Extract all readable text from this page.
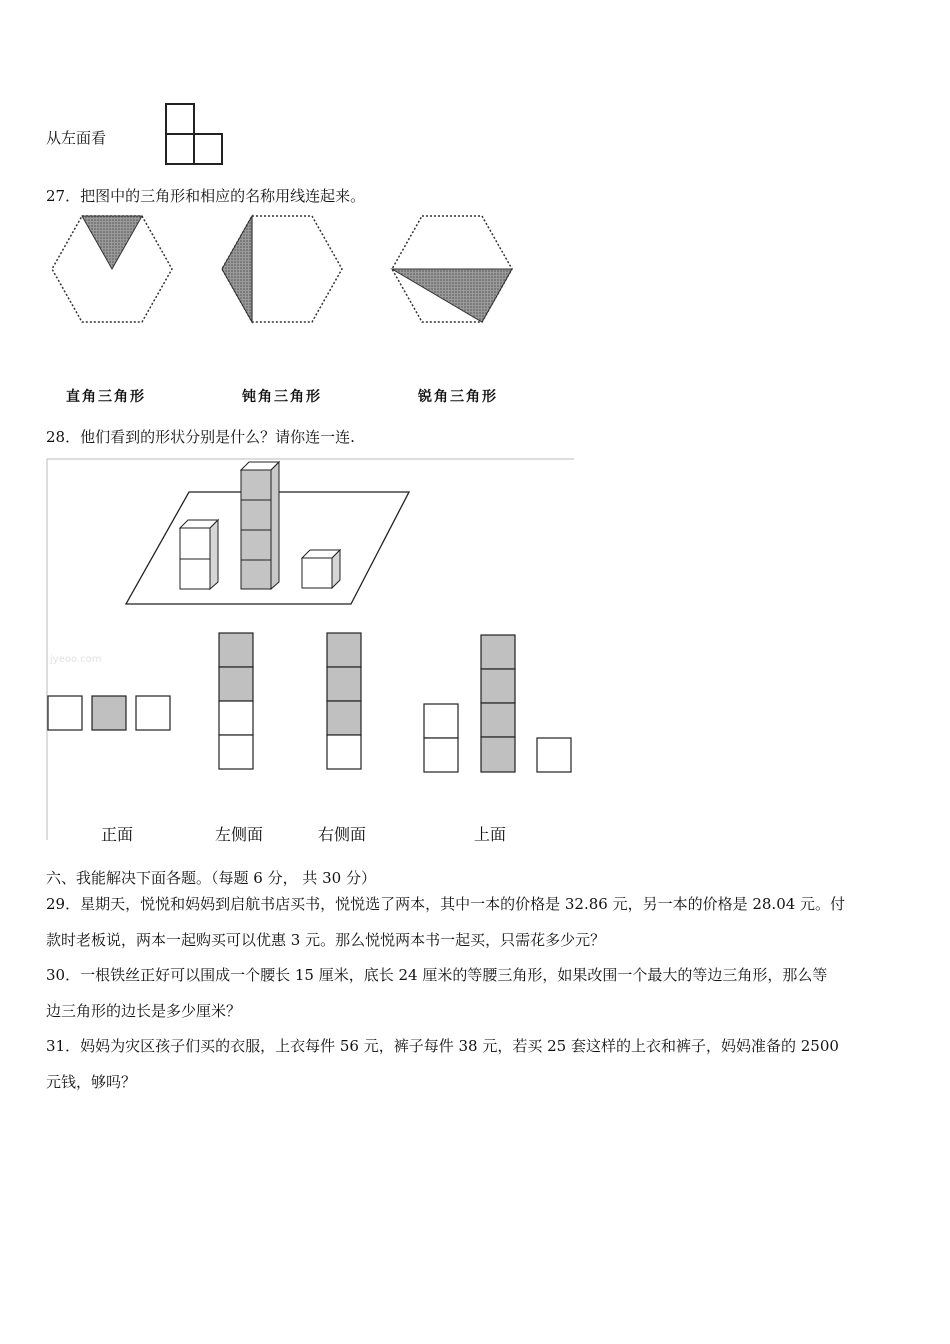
从左面看
27．把图中的三角形和相应的名称用线连起来。
直角三角形	钝角三角形	锐角三角形
28．他们看到的形状分别是什么？请你连一连.
jyeoo.com
正面	左侧面	右侧面	上面
六、我能解决下面各题。（每题 6 分， 共 30 分）
29．星期天，悦悦和妈妈到启航书店买书，悦悦选了两本，其中一本的价格是 32.86 元，另一本的价格是 28.04 元。付
款时老板说，两本一起购买可以优惠 3 元。那么悦悦两本书一起买，只需花多少元？
30．一根铁丝正好可以围成一个腰长 15 厘米，底长 24 厘米的等腰三角形，如果改围一个最大的等边三角形，那么等
边三角形的边长是多少厘米？
31．妈妈为灾区孩子们买的衣服，上衣每件 56 元，裤子每件 38 元，若买 25 套这样的上衣和裤子，妈妈准备的 2500
元钱，够吗？
